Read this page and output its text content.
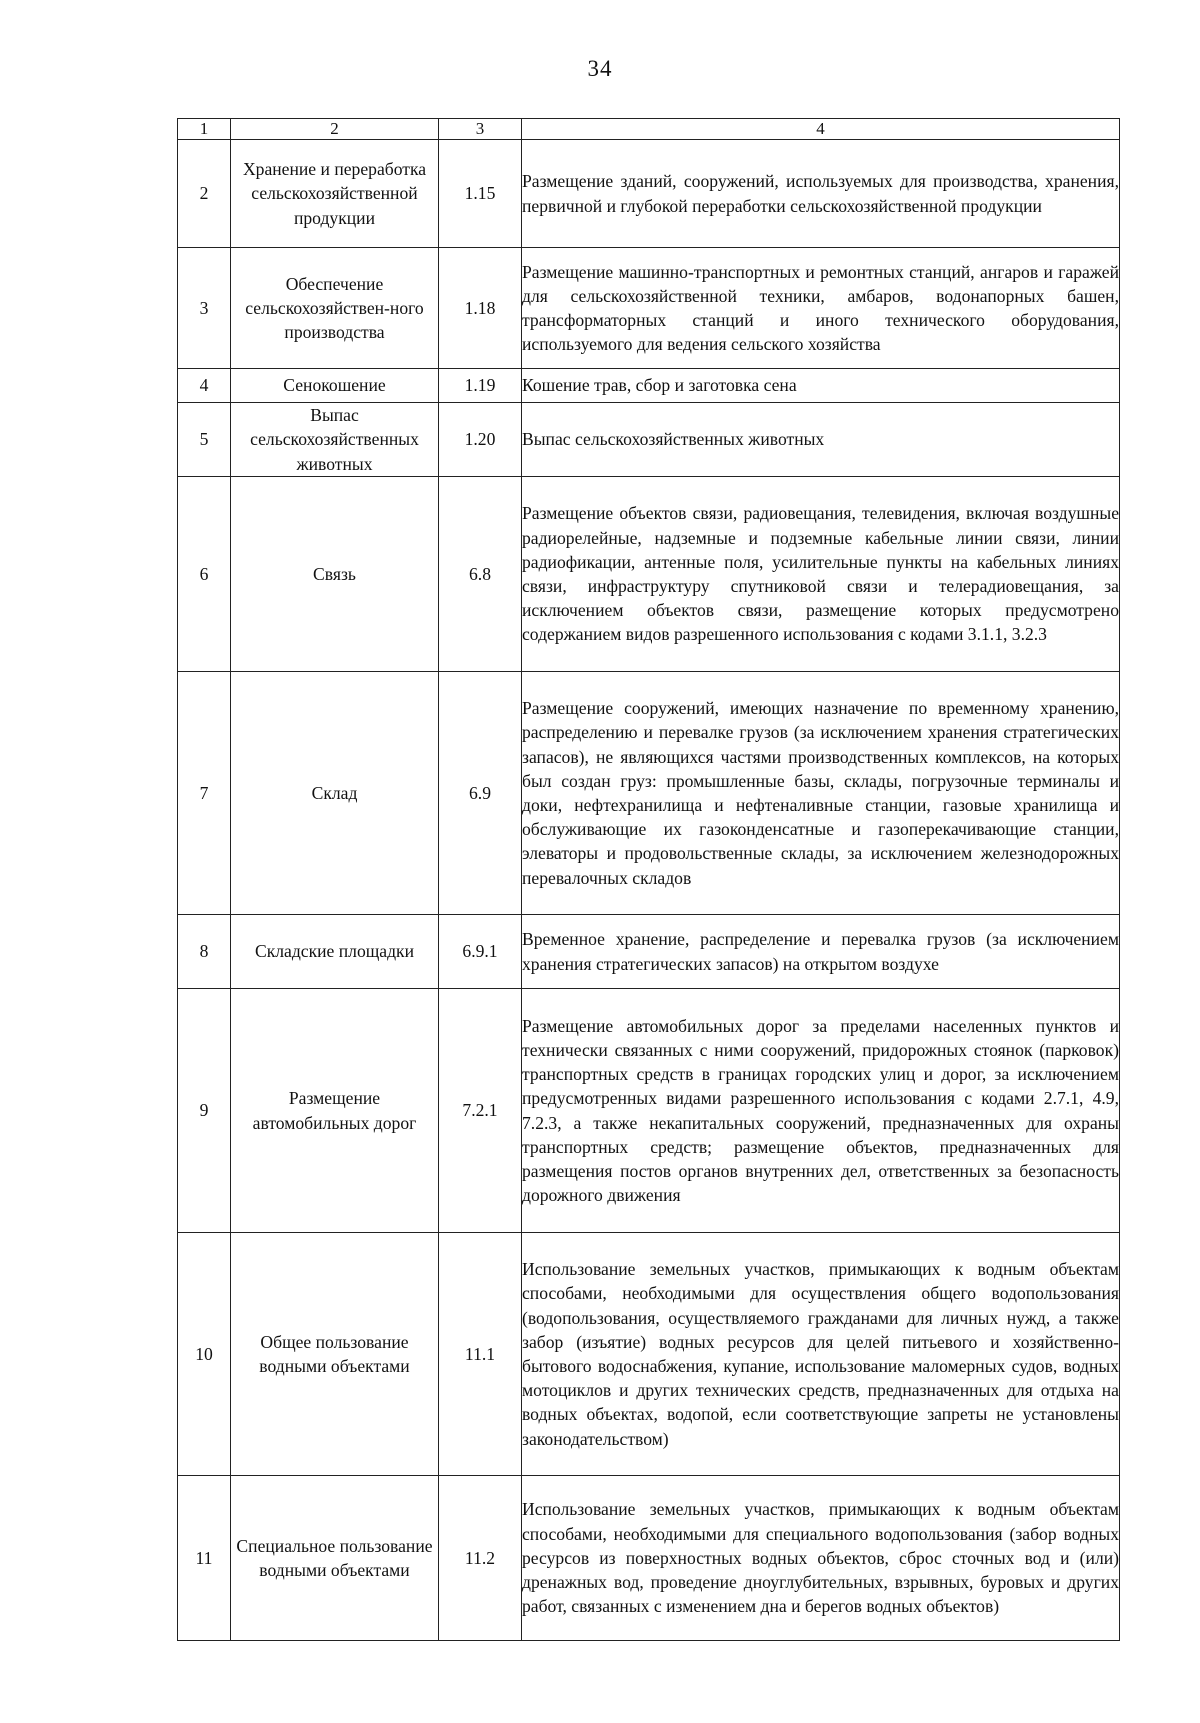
34
1	2	3	4
2	Хранение и переработка сельскохозяйственной продукции	1.15	Размещение зданий, сооружений, используемых для производства, хранения, первичной и глубокой переработки сельскохозяйственной продукции
3	Обеспечение сельскохозяйствен-ного производства	1.18	Размещение машинно-транспортных и ремонтных станций, ангаров и гаражей для сельскохозяйственной техники, амбаров, водонапорных башен, трансформаторных станций и иного технического оборудования, используемого для ведения сельского хозяйства
4	Сенокошение	1.19	Кошение трав, сбор и заготовка сена
5	Выпас сельскохозяйственных животных	1.20	Выпас сельскохозяйственных животных
6	Связь	6.8	Размещение объектов связи, радиовещания, телевидения, включая воздушные радиорелейные, надземные и подземные кабельные линии связи, линии радиофикации, антенные поля, усилительные пункты на кабельных линиях связи, инфраструктуру спутниковой связи и телерадиовещания, за исключением объектов связи, размещение которых предусмотрено содержанием видов разрешенного использования с кодами 3.1.1, 3.2.3
7	Склад	6.9	Размещение сооружений, имеющих назначение по временному хранению, распределению и перевалке грузов (за исключением хранения стратегических запасов), не являющихся частями производственных комплексов, на которых был создан груз: промышленные базы, склады, погрузочные терминалы и доки, нефтехранилища и нефтеналивные станции, газовые хранилища и обслуживающие их газоконденсатные и газоперекачивающие станции, элеваторы и продовольственные склады, за исключением железнодорожных перевалочных складов
8	Складские площадки	6.9.1	Временное хранение, распределение и перевалка грузов (за исключением хранения стратегических запасов) на открытом воздухе
9	Размещение автомобильных дорог	7.2.1	Размещение автомобильных дорог за пределами населенных пунктов и технически связанных с ними сооружений, придорожных стоянок (парковок) транспортных средств в границах городских улиц и дорог, за исключением предусмотренных видами разрешенного использования с кодами 2.7.1, 4.9, 7.2.3, а также некапитальных сооружений, предназначенных для охраны транспортных средств; размещение объектов, предназначенных для размещения постов органов внутренних дел, ответственных за безопасность дорожного движения
10	Общее пользование водными объектами	11.1	Использование земельных участков, примыкающих к водным объектам способами, необходимыми для осуществления общего водопользования (водопользования, осуществляемого гражданами для личных нужд, а также забор (изъятие) водных ресурсов для целей питьевого и хозяйственно-бытового водоснабжения, купание, использование маломерных судов, водных мотоциклов и других технических средств, предназначенных для отдыха на водных объектах, водопой, если соответствующие запреты не установлены законодательством)
11	Специальное пользование водными объектами	11.2	Использование земельных участков, примыкающих к водным объектам способами, необходимыми для специального водопользования (забор водных ресурсов из поверхностных водных объектов, сброс сточных вод и (или) дренажных вод, проведение дноуглубительных, взрывных, буровых и других работ, связанных с изменением дна и берегов водных объектов)
